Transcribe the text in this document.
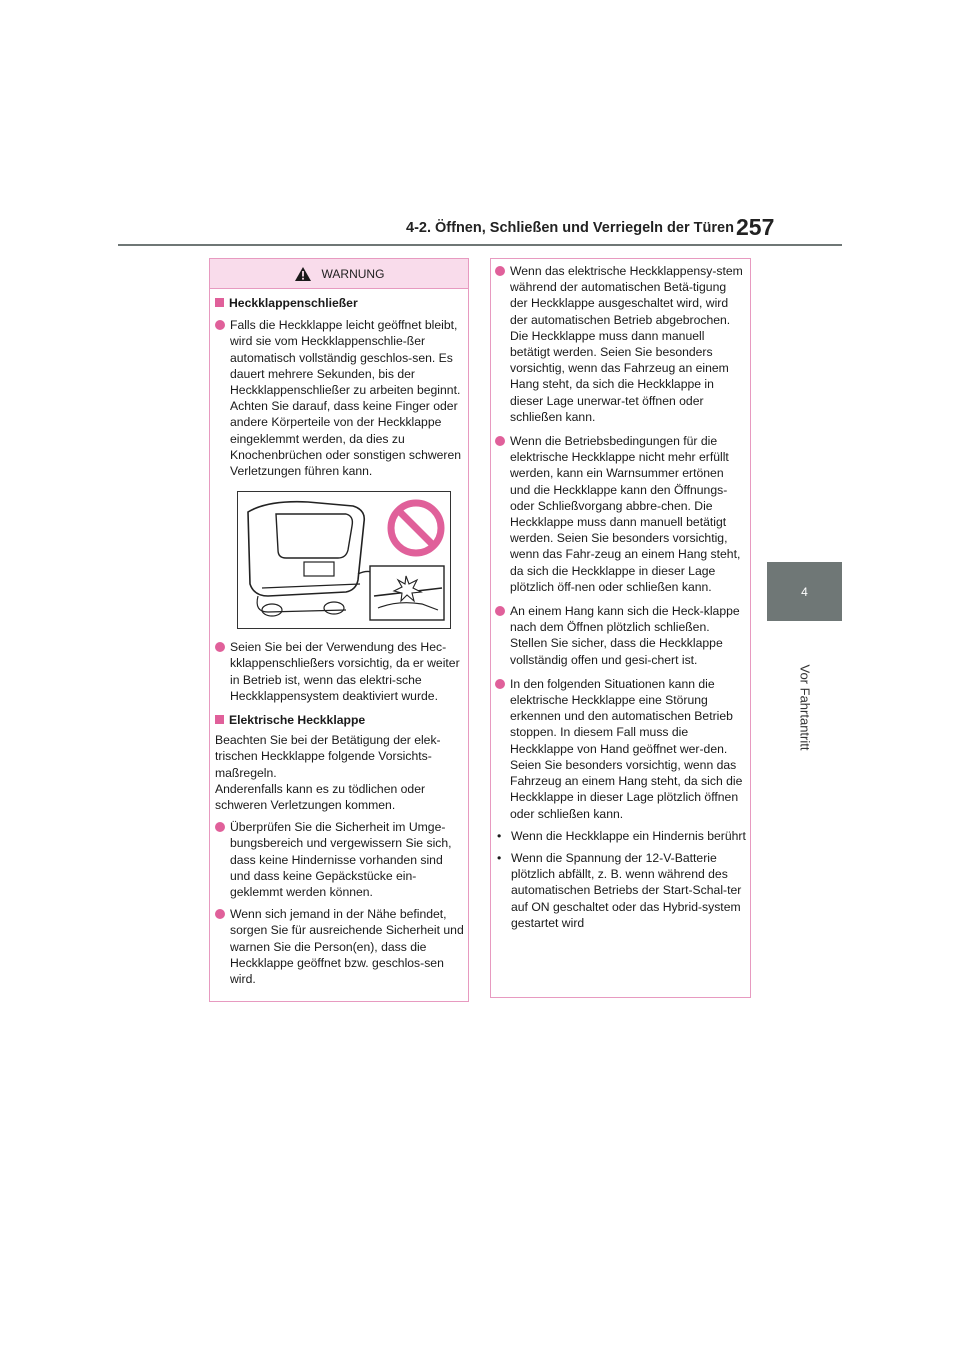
4-2. Öffnen, Schließen und Verriegeln der Türen 257
4
Vor Fahrtantritt
WARNUNG
Heckklappenschließer
Falls die Heckklappe leicht geöffnet bleibt, wird sie vom Heckklappenschlie-ßer automatisch vollständig geschlos-sen. Es dauert mehrere Sekunden, bis der Heckklappenschließer zu arbeiten beginnt. Achten Sie darauf, dass keine Finger oder andere Körperteile von der Heckklappe eingeklemmt werden, da dies zu Knochenbrüchen oder sonstigen schweren Verletzungen führen kann.
Seien Sie bei der Verwendung des Hec-kklappenschließers vorsichtig, da er weiter in Betrieb ist, wenn das elektri-sche Heckklappensystem deaktiviert wurde.
Elektrische Heckklappe
Beachten Sie bei der Betätigung der elek-trischen Heckklappe folgende Vorsichts-maßregeln.
Anderenfalls kann es zu tödlichen oder schweren Verletzungen kommen.
Überprüfen Sie die Sicherheit im Umge-bungsbereich und vergewissern Sie sich, dass keine Hindernisse vorhanden sind und dass keine Gepäckstücke ein-geklemmt werden können.
Wenn sich jemand in der Nähe befindet, sorgen Sie für ausreichende Sicherheit und warnen Sie die Person(en), dass die Heckklappe geöffnet bzw. geschlos-sen wird.
Wenn das elektrische Heckklappensy-stem während der automatischen Betä-tigung der Heckklappe ausgeschaltet wird, wird der automatischen Betrieb abgebrochen. Die Heckklappe muss dann manuell betätigt werden. Seien Sie besonders vorsichtig, wenn das Fahrzeug an einem Hang steht, da sich die Heckklappe in dieser Lage unerwar-tet öffnen oder schließen kann.
Wenn die Betriebsbedingungen für die elektrische Heckklappe nicht mehr erfüllt werden, kann ein Warnsummer ertönen und die Heckklappe kann den Öffnungs- oder Schließvorgang abbre-chen. Die Heckklappe muss dann manuell betätigt werden. Seien Sie besonders vorsichtig, wenn das Fahr-zeug an einem Hang steht, da sich die Heckklappe in dieser Lage plötzlich öff-nen oder schließen kann.
An einem Hang kann sich die Heck-klappe nach dem Öffnen plötzlich schließen. Stellen Sie sicher, dass die Heckklappe vollständig offen und gesi-chert ist.
In den folgenden Situationen kann die elektrische Heckklappe eine Störung erkennen und den automatischen Betrieb stoppen. In diesem Fall muss die Heckklappe von Hand geöffnet wer-den. Seien Sie besonders vorsichtig, wenn das Fahrzeug an einem Hang steht, da sich die Heckklappe in dieser Lage plötzlich öffnen oder schließen kann.
• Wenn die Heckklappe ein Hindernis berührt
• Wenn die Spannung der 12-V-Batterie plötzlich abfällt, z. B. wenn während des automatischen Betriebs der Start-Schal-ter auf ON geschaltet oder das Hybrid-system gestartet wird
